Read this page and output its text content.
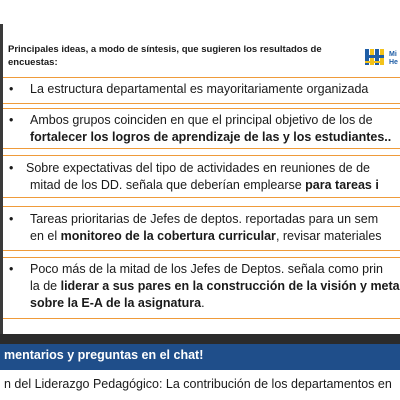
Principales ideas, a modo de síntesis, que sugieren los resultados de encuestas:

Mi
He
• La estructura departamental es mayoritariamente organizada
• Ambos grupos coinciden en que el principal objetivo de los de
fortalecer los logros de aprendizaje de las y los estudiantes..
• Sobre expectativas del tipo de actividades en reuniones de de
mitad de los DD. señala que deberían emplearse para tareas i
• Tareas prioritarias de Jefes de deptos. reportadas para un sem
en el monitoreo de la cobertura curricular, revisar materiales
• Poco más de la mitad de los Jefes de Deptos. señala como prin
la de liderar a sus pares en la construcción de la visión y meta
sobre la E-A de la asignatura.
mentarios y preguntas en el chat!
n del Liderazgo Pedagógico: La contribución de los departamentos en
